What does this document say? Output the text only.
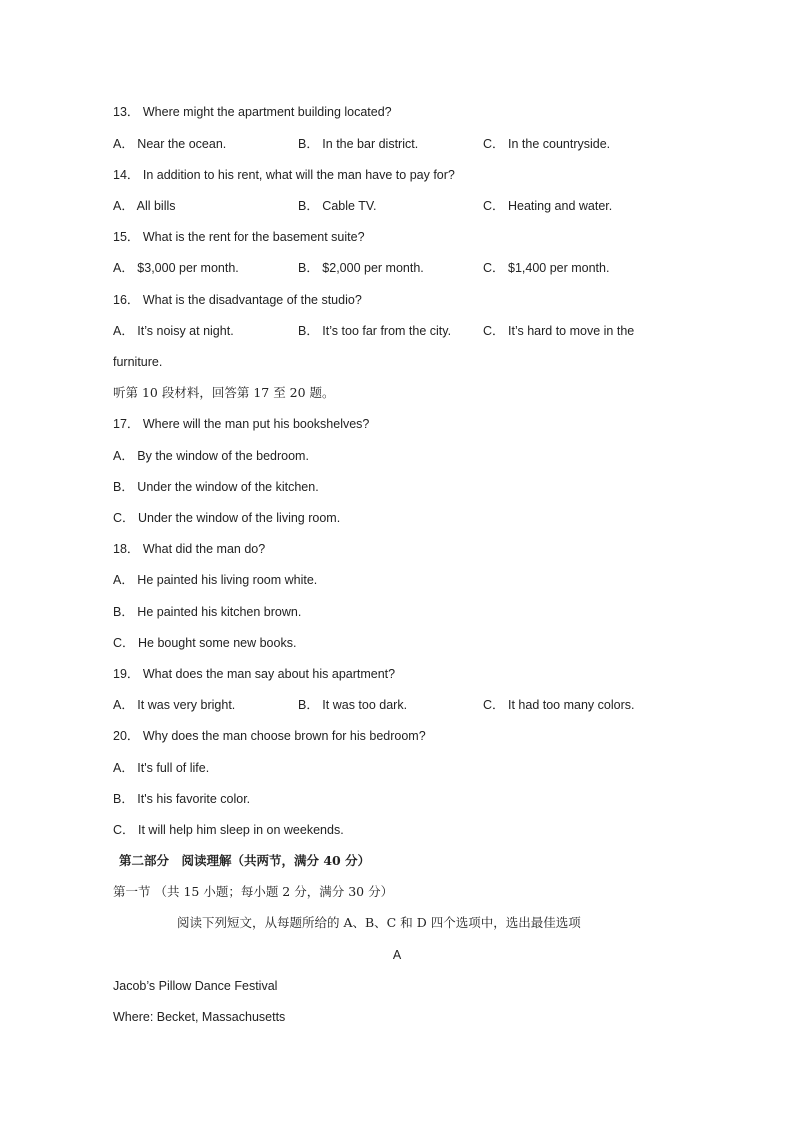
13． Where might the apartment building located?
A． Near the ocean.	B． In the bar district.	C． In the countryside.
14． In addition to his rent, what will the man have to pay for?
A． All bills	B． Cable TV.	C． Heating and water.
15． What is the rent for the basement suite?
A． $3,000 per month.	B． $2,000 per month.	C． $1,400 per month.
16． What is the disadvantage of the studio?
A． It’s noisy at night.	B． It’s too far from the city.	C． It’s hard to move in the
furniture.
听第 10 段材料，回答第 17 至 20 题。
17． Where will the man put his bookshelves?
A． By the window of the bedroom.
B． Under the window of the kitchen.
C． Under the window of the living room.
18． What did the man do?
A． He painted his living room white.
B． He painted his kitchen brown.
C． He bought some new books.
19． What does the man say about his apartment?
A． It was very bright.	B． It was too dark.	C． It had too many colors.
20． Why does the man choose brown for his bedroom?
A． It's full of life.
B． It's his favorite color.
C． It will help him sleep in on weekends.
第二部分　阅读理解（共两节，满分 40 分）
第一节 （共 15 小题；每小题 2 分，满分 30 分）
阅读下列短文，从每题所给的 A、B、C 和 D 四个选项中，选出最佳选项
A
Jacob’s Pillow Dance Festival
Where: Becket, Massachusetts
